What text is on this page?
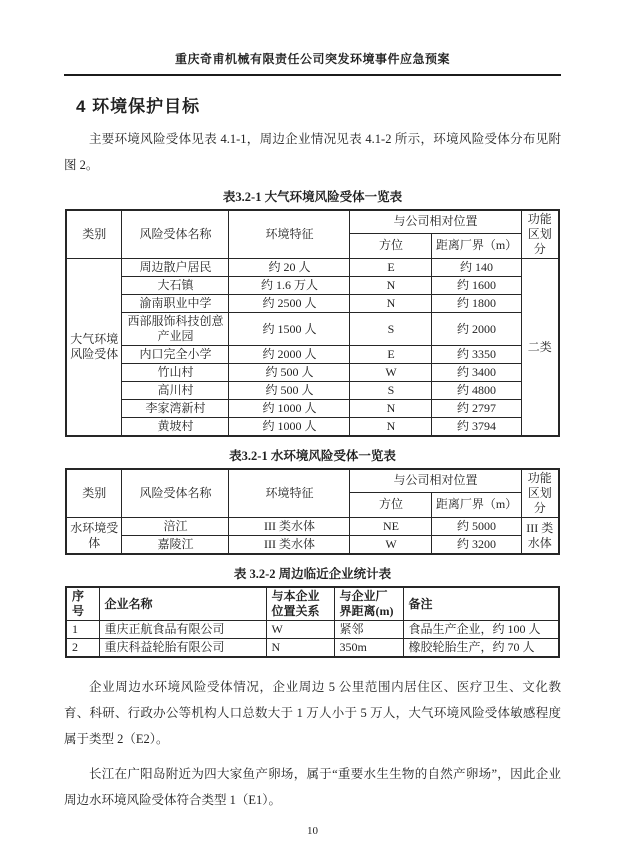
重庆奇甫机械有限责任公司突发环境事件应急预案
4 环境保护目标

主要环境风险受体见表 4.1-1，周边企业情况见表 4.1-2 所示，环境风险受体分布见附图 2。

表3.2-1 大气环境风险受体一览表
类别	风险受体名称	环境特征	与公司相对位置		功能
区划分

			方位	距离厂界（m）	
大气环境风险受体	周边散户居民	约 20 人	E	约 140	二类
	大石镇	约 1.6 万人	N	约 1600	
	渝南职业中学	约 2500 人	N	约 1800	
	西部服饰科技创意产业园	约 1500 人	S	约 2000	
	内口完全小学	约 2000 人	E	约 3350	
	竹山村	约 500 人	W	约 3400	
	高川村	约 500 人	S	约 4800	
	李家湾新村	约 1000 人	N	约 2797	
	黄坡村	约 1000 人	N	约 3794	
表3.2-1 水环境风险受体一览表
类别	风险受体名称	环境特征	与公司相对位置		功能
区划分

			方位	距离厂界（m）	
水环境受体	涪江	III 类水体	NE	约 5000	III 类
水体

	嘉陵江	III 类水体	W	约 3200	
表 3.2-2 周边临近企业统计表
序
号	企业名称	与本企业
位置关系	与企业厂
界距离(m)	备注
1	重庆正航食品有限公司	W	紧邻	食品生产企业，约 100 人
2	重庆科益轮胎有限公司	N	350m	橡胶轮胎生产，约 70 人

企业周边水环境风险受体情况，企业周边 5 公里范围内居住区、医疗卫生、文化教育、科研、行政办公等机构人口总数大于 1 万人小于 5 万人，大气环境风险受体敏感程度属于类型 2（E2）。

长江在广阳岛附近为四大家鱼产卵场，属于“重要水生生物的自然产卵场”，因此企业周边水环境风险受体符合类型 1（E1）。

10
